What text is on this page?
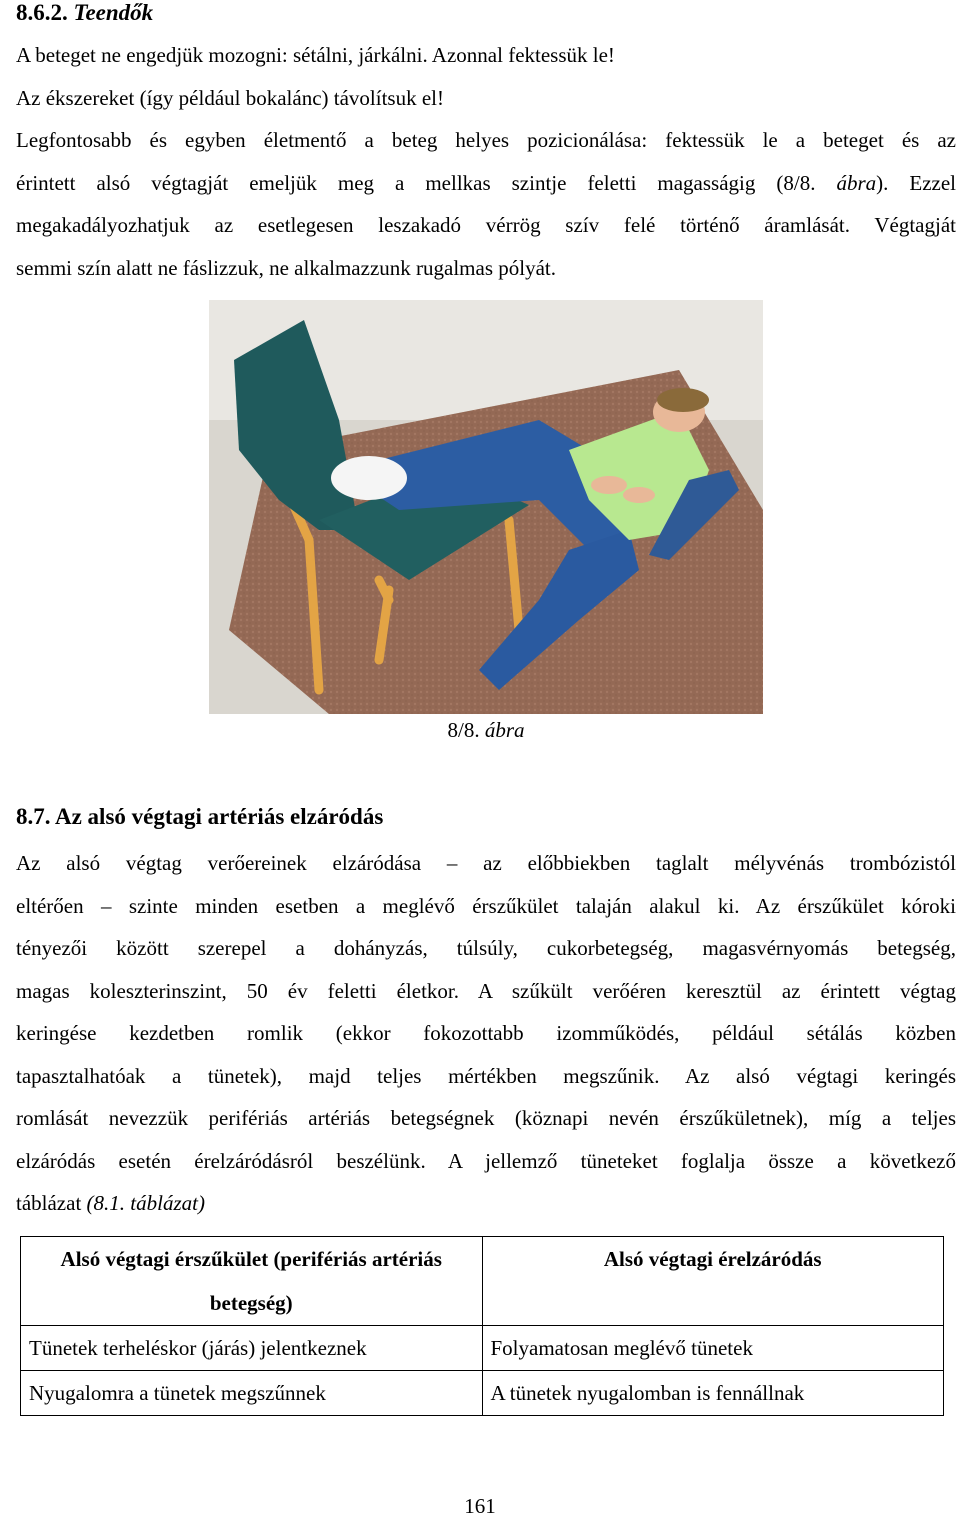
8.6.2. Teendők
A beteget ne engedjük mozogni: sétálni, járkálni. Azonnal fektessük le!
Az ékszereket (így például bokalánc) távolítsuk el!
Legfontosabb és egyben életmentő a beteg helyes pozicionálása: fektessük le a beteget és az
érintett alsó végtagját emeljük meg a mellkas szintje feletti magasságig (8/8. ábra). Ezzel
megakadályozhatjuk az esetlegesen leszakadó vérrög szív felé történő áramlását. Végtagját
semmi szín alatt ne fáslizzuk, ne alkalmazzunk rugalmas pólyát.
8/8. ábra
8.7. Az alsó végtagi artériás elzáródás
Az alsó végtag verőereinek elzáródása – az előbbiekben taglalt mélyvénás trombózistól
eltérően – szinte minden esetben a meglévő érszűkület talaján alakul ki. Az érszűkület kóroki
tényezői között szerepel a dohányzás, túlsúly, cukorbetegség, magasvérnyomás betegség,
magas koleszterinszint, 50 év feletti életkor. A szűkült verőéren keresztül az érintett végtag
keringése kezdetben romlik (ekkor fokozottabb izomműködés, például sétálás közben
tapasztalhatóak a tünetek), majd teljes mértékben megszűnik. Az alsó végtagi keringés
romlását nevezzük perifériás artériás betegségnek (köznapi nevén érszűkületnek), míg a teljes
elzáródás esetén érelzáródásról beszélünk. A jellemző tüneteket foglalja össze a következő
táblázat (8.1. táblázat)
Alsó végtagi érszűkület (perifériás artériás betegség)	Alsó végtagi érelzáródás
Tünetek terheléskor (járás) jelentkeznek	Folyamatosan meglévő tünetek
Nyugalomra a tünetek megszűnnek	A tünetek nyugalomban is fennállnak
161
